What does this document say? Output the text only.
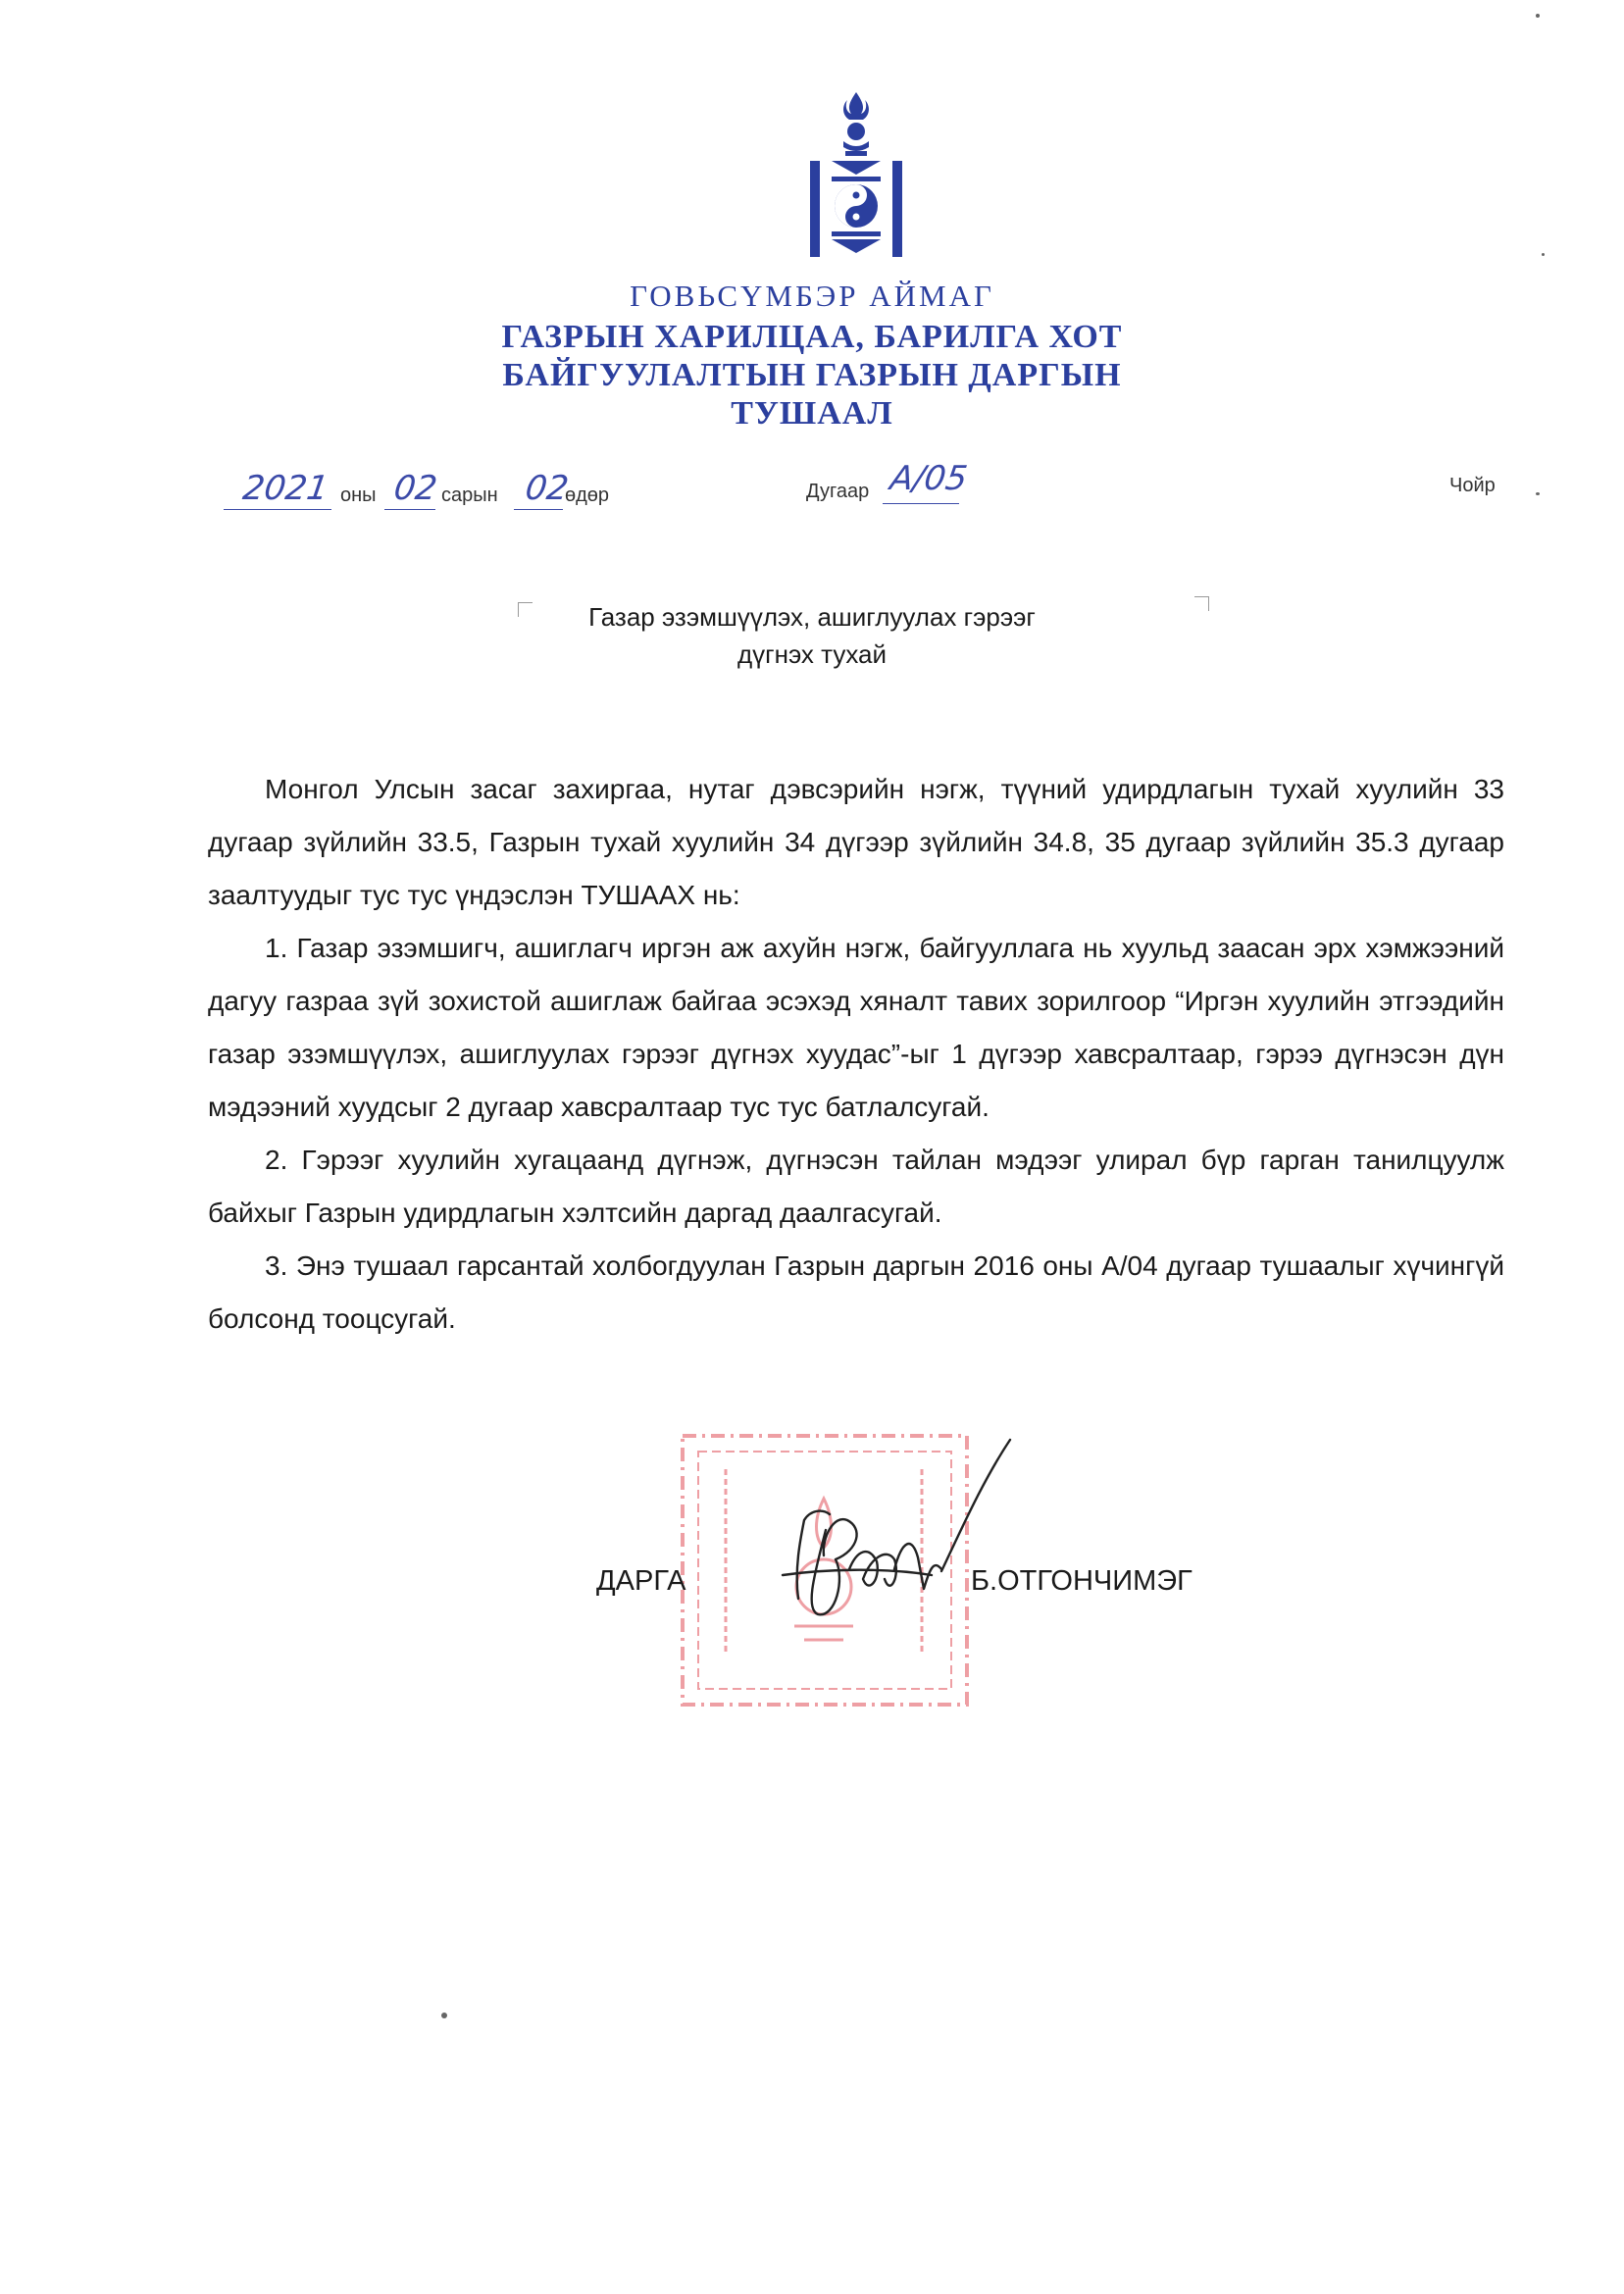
ГОВЬСҮМБЭР АЙМАГ
ГАЗРЫН ХАРИЛЦАА, БАРИЛГА ХОТ
БАЙГУУЛАЛТЫН ГАЗРЫН ДАРГЫН
ТУШААЛ
2021 оны 02 сарын 02
өдөр	Дугаар А/05	Чойр
Газар эзэмшүүлэх, ашиглуулах гэрээг
дүгнэх тухай

Монгол Улсын засаг захиргаа, нутаг дэвсэрийн нэгж, түүний удирдлагын тухай хуулийн 33 дугаар зүйлийн 33.5, Газрын тухай хуулийн 34 дүгээр зүйлийн 34.8, 35 дугаар зүйлийн 35.3 дугаар заалтуудыг тус тус үндэслэн ТУШААХ нь:

1. Газар эзэмшигч, ашиглагч иргэн аж ахуйн нэгж, байгууллага нь хуульд заасан эрх хэмжээний дагуу газраа зүй зохистой ашиглаж байгаа эсэхэд хяналт тавих зорилгоор “Иргэн хуулийн этгээдийн газар эзэмшүүлэх, ашиглуулах гэрээг дүгнэх хуудас”-ыг 1 дүгээр хавсралтаар, гэрээ дүгнэсэн дүн мэдээний хуудсыг 2 дугаар хавсралтаар тус тус батлалсугай.

2. Гэрээг хуулийн хугацаанд дүгнэж, дүгнэсэн тайлан мэдээг улирал бүр гарган танилцуулж байхыг Газрын удирдлагын хэлтсийн даргад даалгасугай.

3. Энэ тушаал гарсантай холбогдуулан Газрын даргын 2016 оны А/04 дугаар тушаалыг хүчингүй болсонд тооцсугай.

ДАРГА	Б.ОТГОНЧИМЭГ
